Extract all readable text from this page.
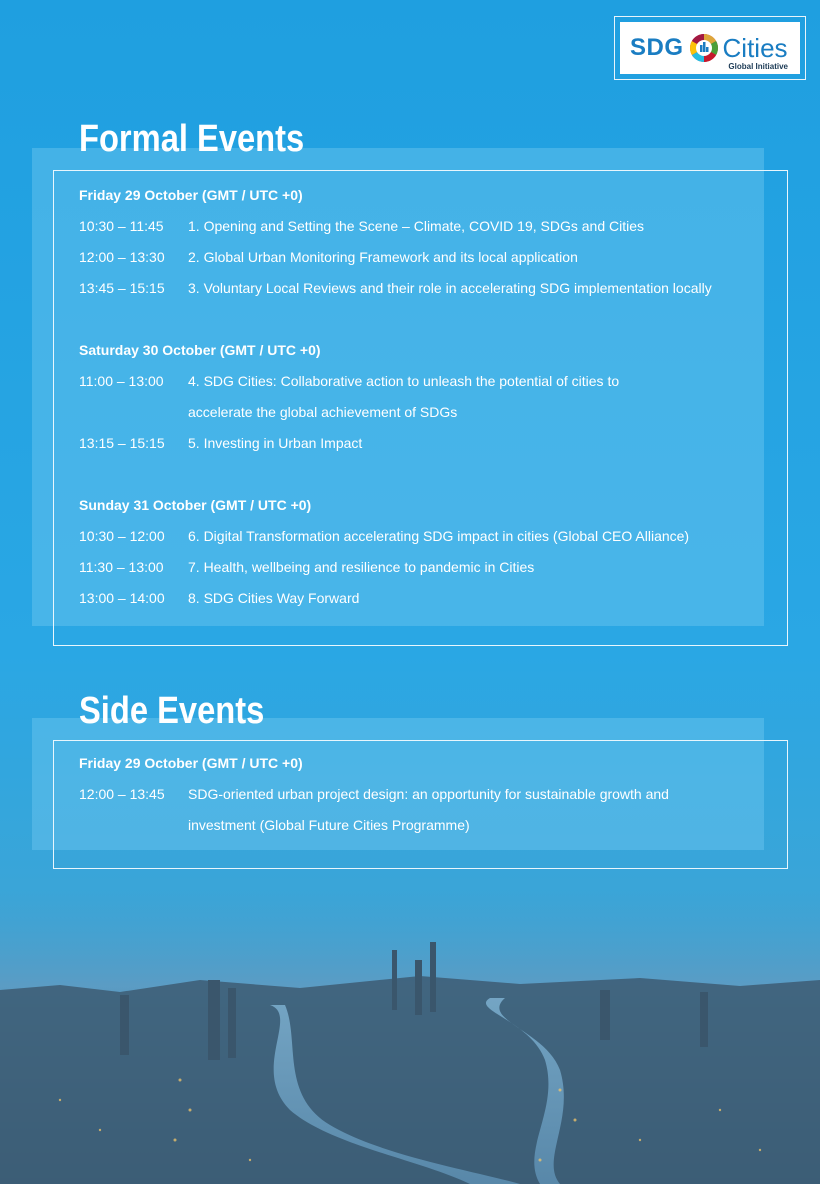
SDG Cities
Global Initiative
Formal Events
Friday 29 October (GMT / UTC +0)
10:30 – 11:45	1. Opening and Setting the Scene – Climate, COVID 19, SDGs and Cities
12:00 – 13:30	2. Global Urban Monitoring Framework and its local application
13:45 – 15:15	3. Voluntary Local Reviews and their role in accelerating SDG implementation locally
Saturday 30 October (GMT / UTC +0)
11:00 – 13:00	4. SDG Cities: Collaborative action to unleash the potential of cities to accelerate the global achievement of SDGs
13:15 – 15:15	5. Investing in Urban Impact
Sunday 31 October (GMT / UTC +0)
10:30 – 12:00	6. Digital Transformation accelerating SDG impact in cities (Global CEO Alliance)
11:30 – 13:00	7. Health, wellbeing and resilience to pandemic in Cities
13:00 – 14:00	8. SDG Cities Way Forward
Side Events
Friday 29 October (GMT / UTC +0)
12:00 – 13:45	SDG-oriented urban project design: an opportunity for sustainable growth and investment (Global Future Cities Programme)
